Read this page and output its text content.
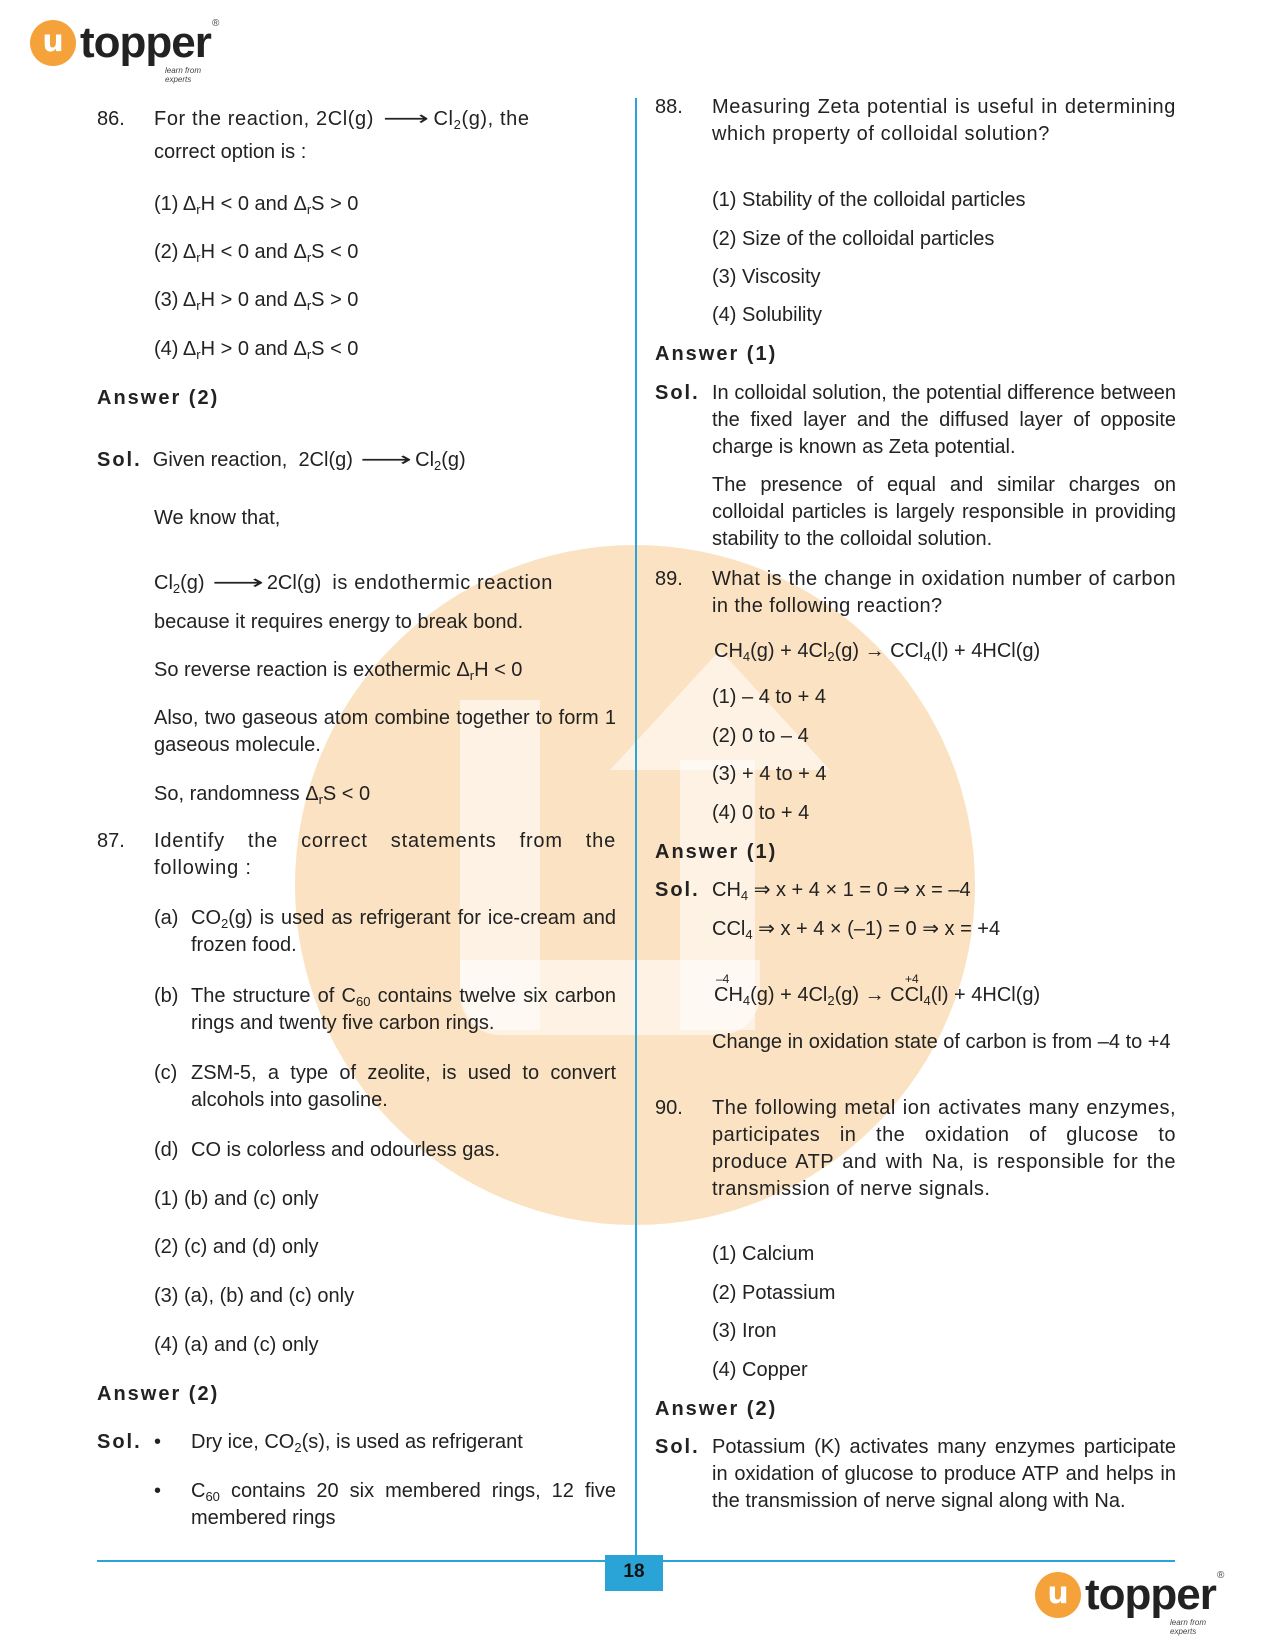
u topper ®
learn from experts
86. For the reaction, 2Cl(g) ⟶ $Cl_2(g)$, the
correct option is :
(1) $\Delta_rH < 0$ and $\Delta_rS > 0$
(2) $\Delta_rH < 0$ and $\Delta_rS < 0$
(3) $\Delta_rH > 0$ and $\Delta_rS > 0$
(4) $\Delta_rH > 0$ and $\Delta_rS < 0$
Answer (2)
Sol. Given reaction, 2Cl(g) ⟶ $Cl_2(g)$
We know that,
$Cl_2(g)$ ⟶ 2Cl(g) is endothermic reaction
because it requires energy to break bond.
So reverse reaction is exothermic $\Delta_rH < 0$
Also, two gaseous atom combine together to form 1 gaseous molecule.
So, randomness $\Delta_rS < 0$
87. Identify the correct statements from the following :
(a) $CO_2(g)$ is used as refrigerant for ice-cream and frozen food.
(b) The structure of $C_{60}$ contains twelve six carbon rings and twenty five carbon rings.
(c) ZSM-5, a type of zeolite, is used to convert alcohols into gasoline.
(d) CO is colorless and odourless gas.
(1) (b) and (c) only
(2) (c) and (d) only
(3) (a), (b) and (c) only
(4) (a) and (c) only
Answer (2)
Sol. • Dry ice, $CO_2(s)$, is used as refrigerant
• $C_{60}$ contains 20 six membered rings, 12 five membered rings
88. Measuring Zeta potential is useful in determining which property of colloidal solution?
(1) Stability of the colloidal particles
(2) Size of the colloidal particles
(3) Viscosity
(4) Solubility
Answer (1)
Sol. In colloidal solution, the potential difference between the fixed layer and the diffused layer of opposite charge is known as Zeta potential.
The presence of equal and similar charges on colloidal particles is largely responsible in providing stability to the colloidal solution.
89. What is the change in oxidation number of carbon in the following reaction?
$CH_4(g) + 4Cl_2(g) \to CCl_4(l) + 4HCl(g)$
(1) – 4 to + 4
(2) 0 to – 4
(3) + 4 to + 4
(4) 0 to + 4
Answer (1)
Sol. $CH_4$ ⇒ x + 4 × 1 = 0 ⇒ x = –4
CCl$_4$ ⇒ x + 4 × (–1) = 0 ⇒ x = +4
–4	+4
$CH_4(g) + 4Cl_2(g) \to CCl_4(l) + 4HCl(g)$
Change in oxidation state of carbon is from –4 to +4
90. The following metal ion activates many enzymes, participates in the oxidation of glucose to produce ATP and with Na, is responsible for the transmission of nerve signals.
(1) Calcium
(2) Potassium
(3) Iron
(4) Copper
Answer (2)
Sol. Potassium (K) activates many enzymes participate in oxidation of glucose to produce ATP and helps in the transmission of nerve signal along with Na.
18
u topper ®
learn from experts
